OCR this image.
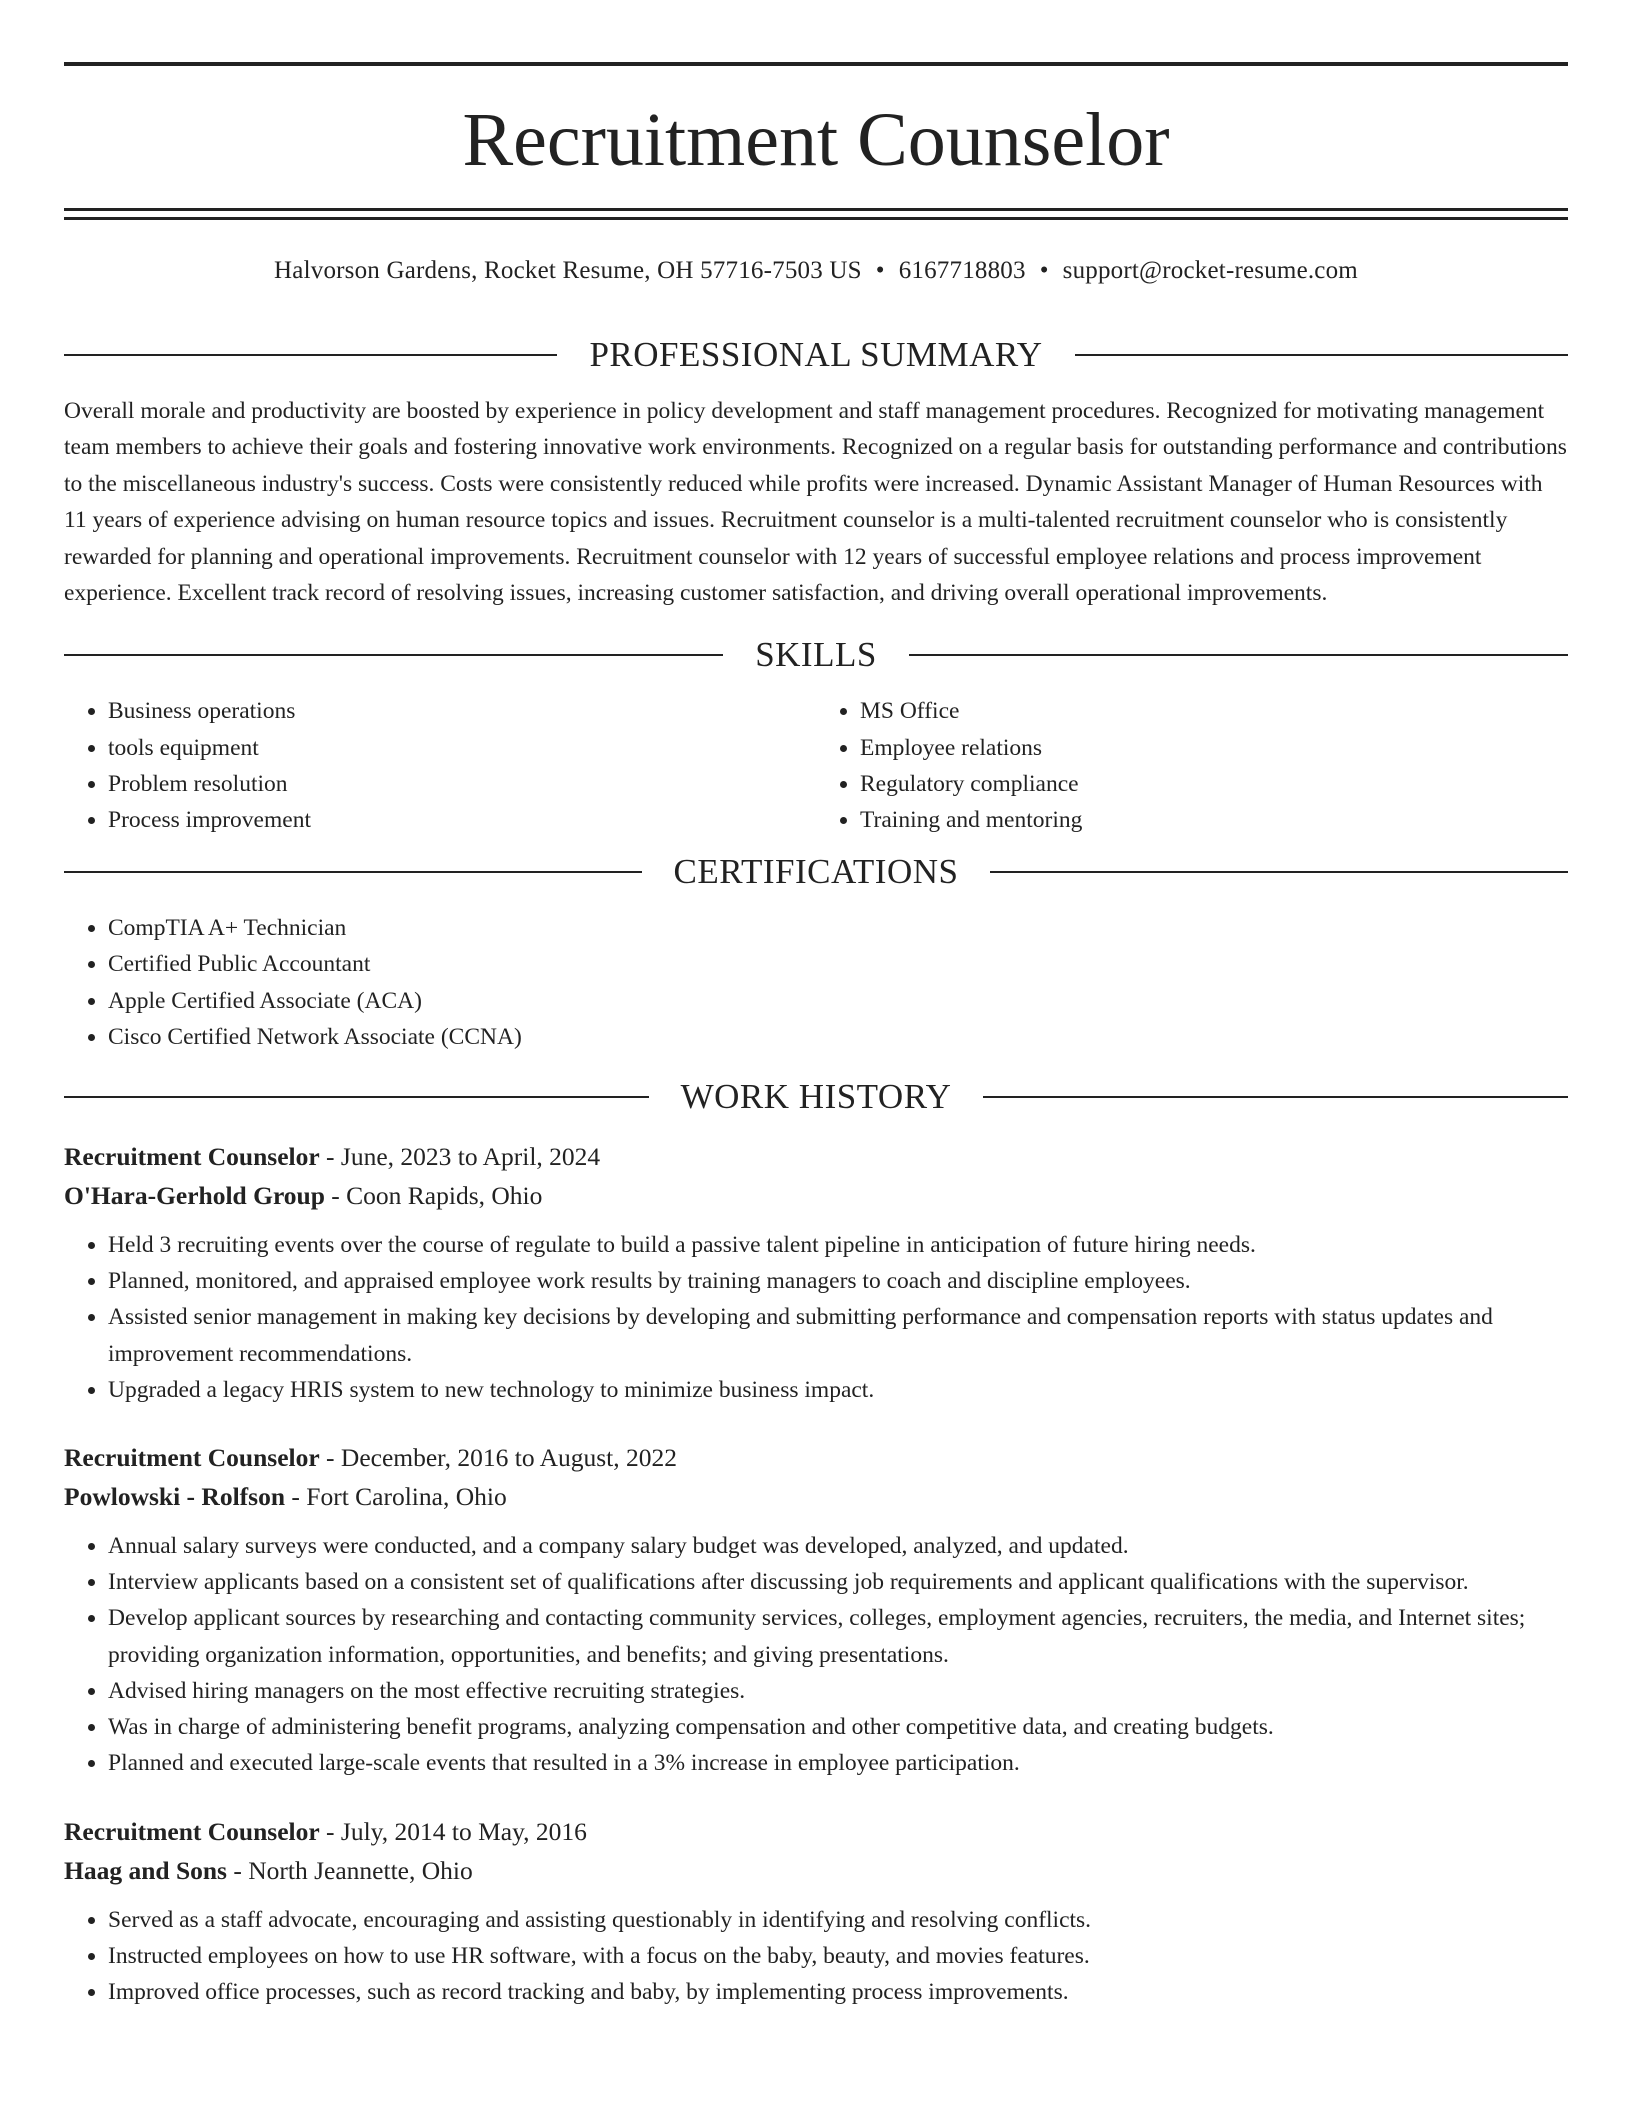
Recruitment Counselor
Halvorson Gardens, Rocket Resume, OH 57716-7503 US • 6167718803 • support@rocket-resume.com
PROFESSIONAL SUMMARY

Overall morale and productivity are boosted by experience in policy development and staff management procedures. Recognized for motivating management team members to achieve their goals and fostering innovative work environments. Recognized on a regular basis for outstanding performance and contributions to the miscellaneous industry's success. Costs were consistently reduced while profits were increased. Dynamic Assistant Manager of Human Resources with 11 years of experience advising on human resource topics and issues. Recruitment counselor is a multi-talented recruitment counselor who is consistently rewarded for planning and operational improvements. Recruitment counselor with 12 years of successful employee relations and process improvement experience. Excellent track record of resolving issues, increasing customer satisfaction, and driving overall operational improvements.

SKILLS
• Business operations
• tools equipment
• Problem resolution
• Process improvement
• MS Office
• Employee relations
• Regulatory compliance
• Training and mentoring
CERTIFICATIONS
• CompTIA A+ Technician
• Certified Public Accountant
• Apple Certified Associate (ACA)
• Cisco Certified Network Associate (CCNA)
WORK HISTORY

Recruitment Counselor - June, 2023 to April, 2024

O'Hara-Gerhold Group - Coon Rapids, Ohio

• Held 3 recruiting events over the course of regulate to build a passive talent pipeline in anticipation of future hiring needs.
• Planned, monitored, and appraised employee work results by training managers to coach and discipline employees.
• Assisted senior management in making key decisions by developing and submitting performance and compensation reports with status updates and improvement recommendations.
• Upgraded a legacy HRIS system to new technology to minimize business impact.

Recruitment Counselor - December, 2016 to August, 2022

Powlowski - Rolfson - Fort Carolina, Ohio

• Annual salary surveys were conducted, and a company salary budget was developed, analyzed, and updated.
• Interview applicants based on a consistent set of qualifications after discussing job requirements and applicant qualifications with the supervisor.
• Develop applicant sources by researching and contacting community services, colleges, employment agencies, recruiters, the media, and Internet sites; providing organization information, opportunities, and benefits; and giving presentations.
• Advised hiring managers on the most effective recruiting strategies.
• Was in charge of administering benefit programs, analyzing compensation and other competitive data, and creating budgets.
• Planned and executed large-scale events that resulted in a 3% increase in employee participation.

Recruitment Counselor - July, 2014 to May, 2016

Haag and Sons - North Jeannette, Ohio

• Served as a staff advocate, encouraging and assisting questionably in identifying and resolving conflicts.
• Instructed employees on how to use HR software, with a focus on the baby, beauty, and movies features.
• Improved office processes, such as record tracking and baby, by implementing process improvements.
